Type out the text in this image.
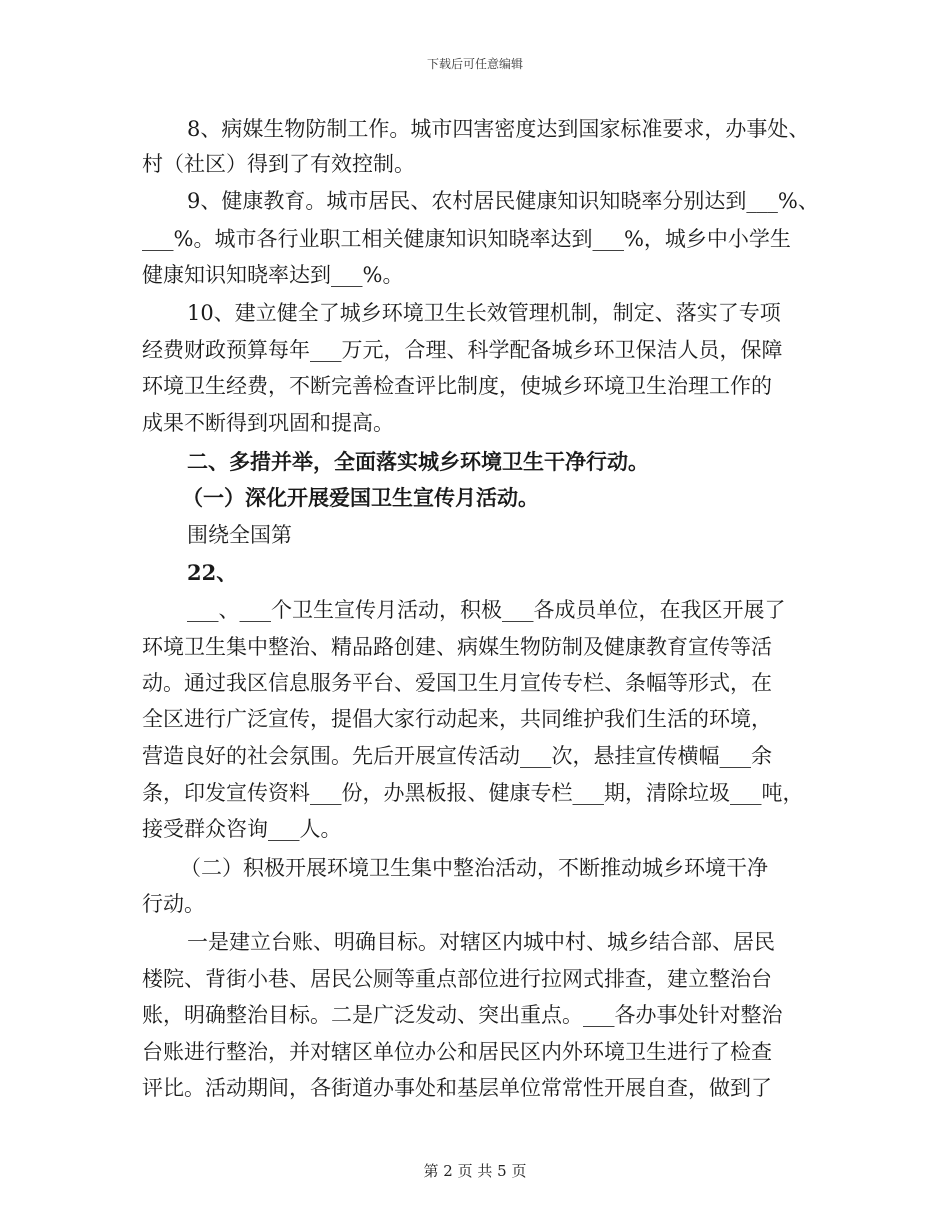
下载后可任意编辑
8、病媒生物防制工作。城市四害密度达到国家标准要求，办事处、
村（社区）得到了有效控制。
9、健康教育。城市居民、农村居民健康知识知晓率分别达到___%、
___%。城市各行业职工相关健康知识知晓率达到___%，城乡中小学生
健康知识知晓率达到___%。
10、建立健全了城乡环境卫生长效管理机制，制定、落实了专项
经费财政预算每年___万元，合理、科学配备城乡环卫保洁人员，保障
环境卫生经费，不断完善检查评比制度，使城乡环境卫生治理工作的
成果不断得到巩固和提高。
二、多措并举，全面落实城乡环境卫生干净行动。
（一）深化开展爱国卫生宣传月活动。
围绕全国第
22、
___、___个卫生宣传月活动，积极___各成员单位，在我区开展了
环境卫生集中整治、精品路创建、病媒生物防制及健康教育宣传等活
动。通过我区信息服务平台、爱国卫生月宣传专栏、条幅等形式，在
全区进行广泛宣传，提倡大家行动起来，共同维护我们生活的环境，
营造良好的社会氛围。先后开展宣传活动___次，悬挂宣传横幅___余
条，印发宣传资料___份，办黑板报、健康专栏___期，清除垃圾___吨，
接受群众咨询___人。
（二）积极开展环境卫生集中整治活动，不断推动城乡环境干净
行动。
一是建立台账、明确目标。对辖区内城中村、城乡结合部、居民
楼院、背街小巷、居民公厕等重点部位进行拉网式排查，建立整治台
账，明确整治目标。二是广泛发动、突出重点。___各办事处针对整治
台账进行整治，并对辖区单位办公和居民区内外环境卫生进行了检查
评比。活动期间，各街道办事处和基层单位常常性开展自查，做到了
第 2 页 共 5 页
